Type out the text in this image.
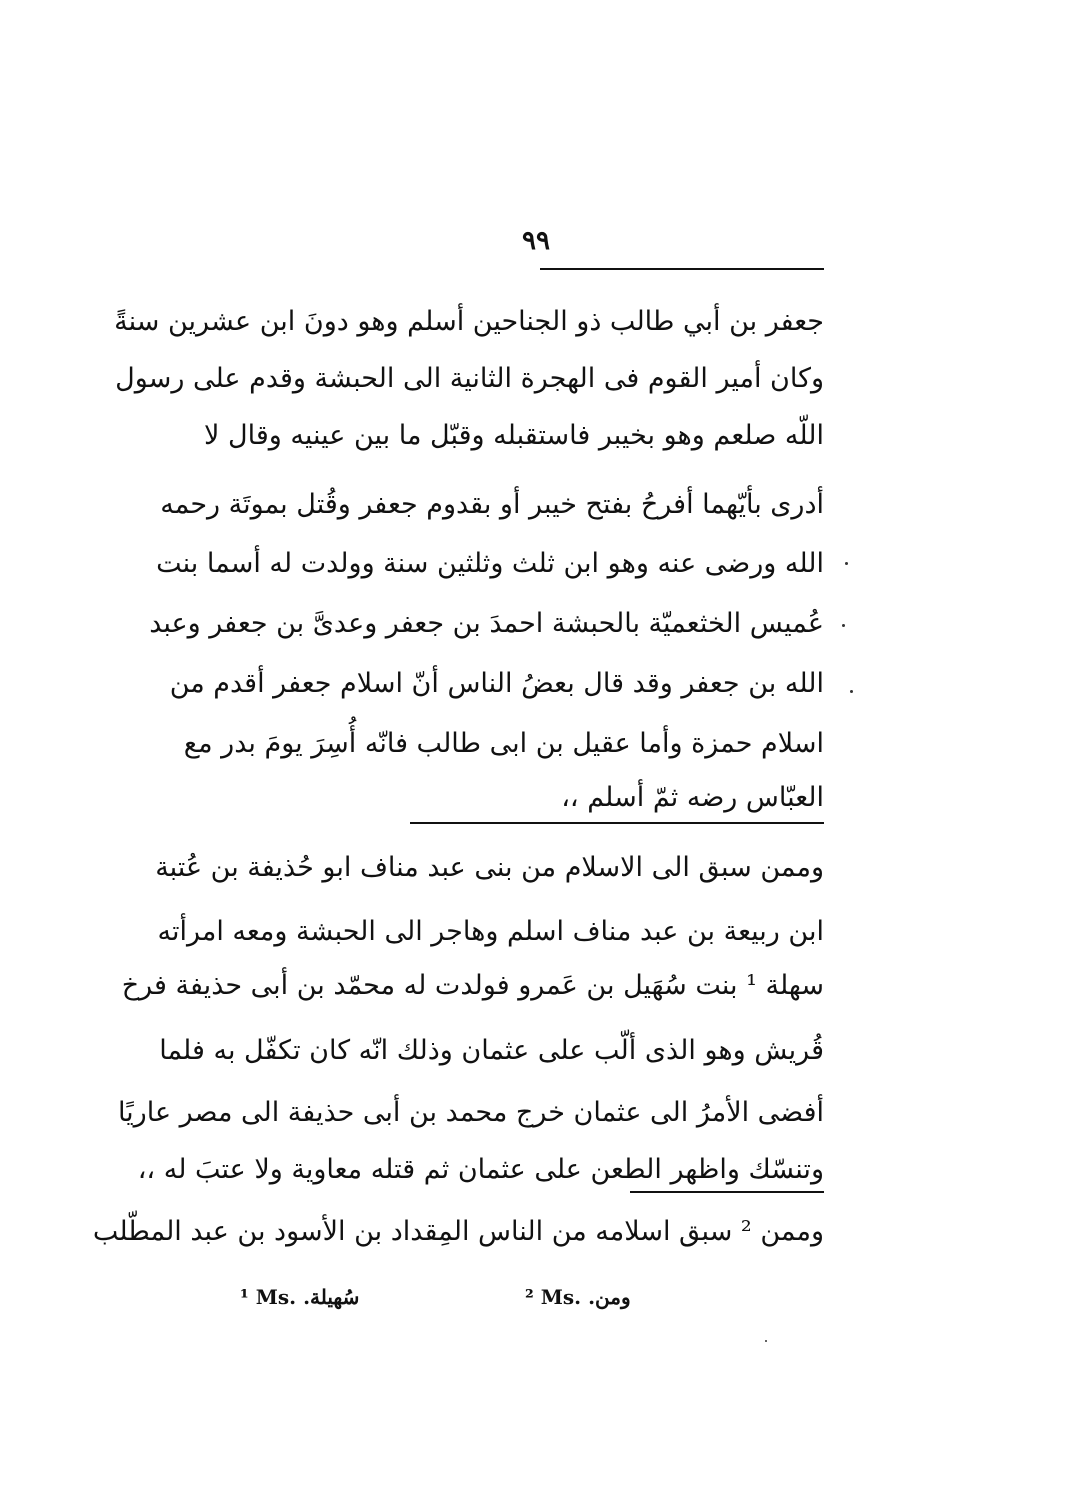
٩٩
جعفر بن أبي طالب ذو الجناحين أسلم وهو دونَ ابن عشرين سنةً
وكان أمير القوم فى الهجرة الثانية الى الحبشة وقدم على رسول
اللّه صلعم وهو بخيبر فاستقبله وقبّل ما بين عينيه وقال لا
أدرى بأيّهما أفرحُ بفتح خيبر أو بقدوم جعفر وقُتل بموتَة رحمه
الله ورضى عنه وهو ابن ثلث وثلثين سنة وولدت له أسما بنت
عُميس الخثعميّة بالحبشة احمدَ بن جعفر وعدىَّ بن جعفر وعبد
الله بن جعفر وقد قال بعضُ الناس أنّ اسلام جعفر أقدم من
اسلام حمزة وأما عقيل بن ابى طالب فانّه أُسِرَ يومَ بدر مع
العبّاس رضه ثمّ أسلم ،،
وممن سبق الى الاسلام من بنى عبد مناف ابو حُذيفة بن عُتبة
ابن ربيعة بن عبد مناف اسلم وهاجر الى الحبشة ومعه امرأته
سهلة ¹ بنت سُهَيل بن عَمرو فولدت له محمّد بن أبى حذيفة فرخ
قُريش وهو الذى ألّب على عثمان وذلك انّه كان تكفّل به فلما
أفضى الأمرُ الى عثمان خرج محمد بن أبى حذيفة الى مصر عاريًا
وتنسّك واظهر الطعن على عثمان ثم قتله معاوية ولا عتبَ له ،،
وممن ² سبق اسلامه من الناس المِقداد بن الأسود بن عبد المطّلب
¹ Ms. سُهيلة.	² Ms. ومن.
